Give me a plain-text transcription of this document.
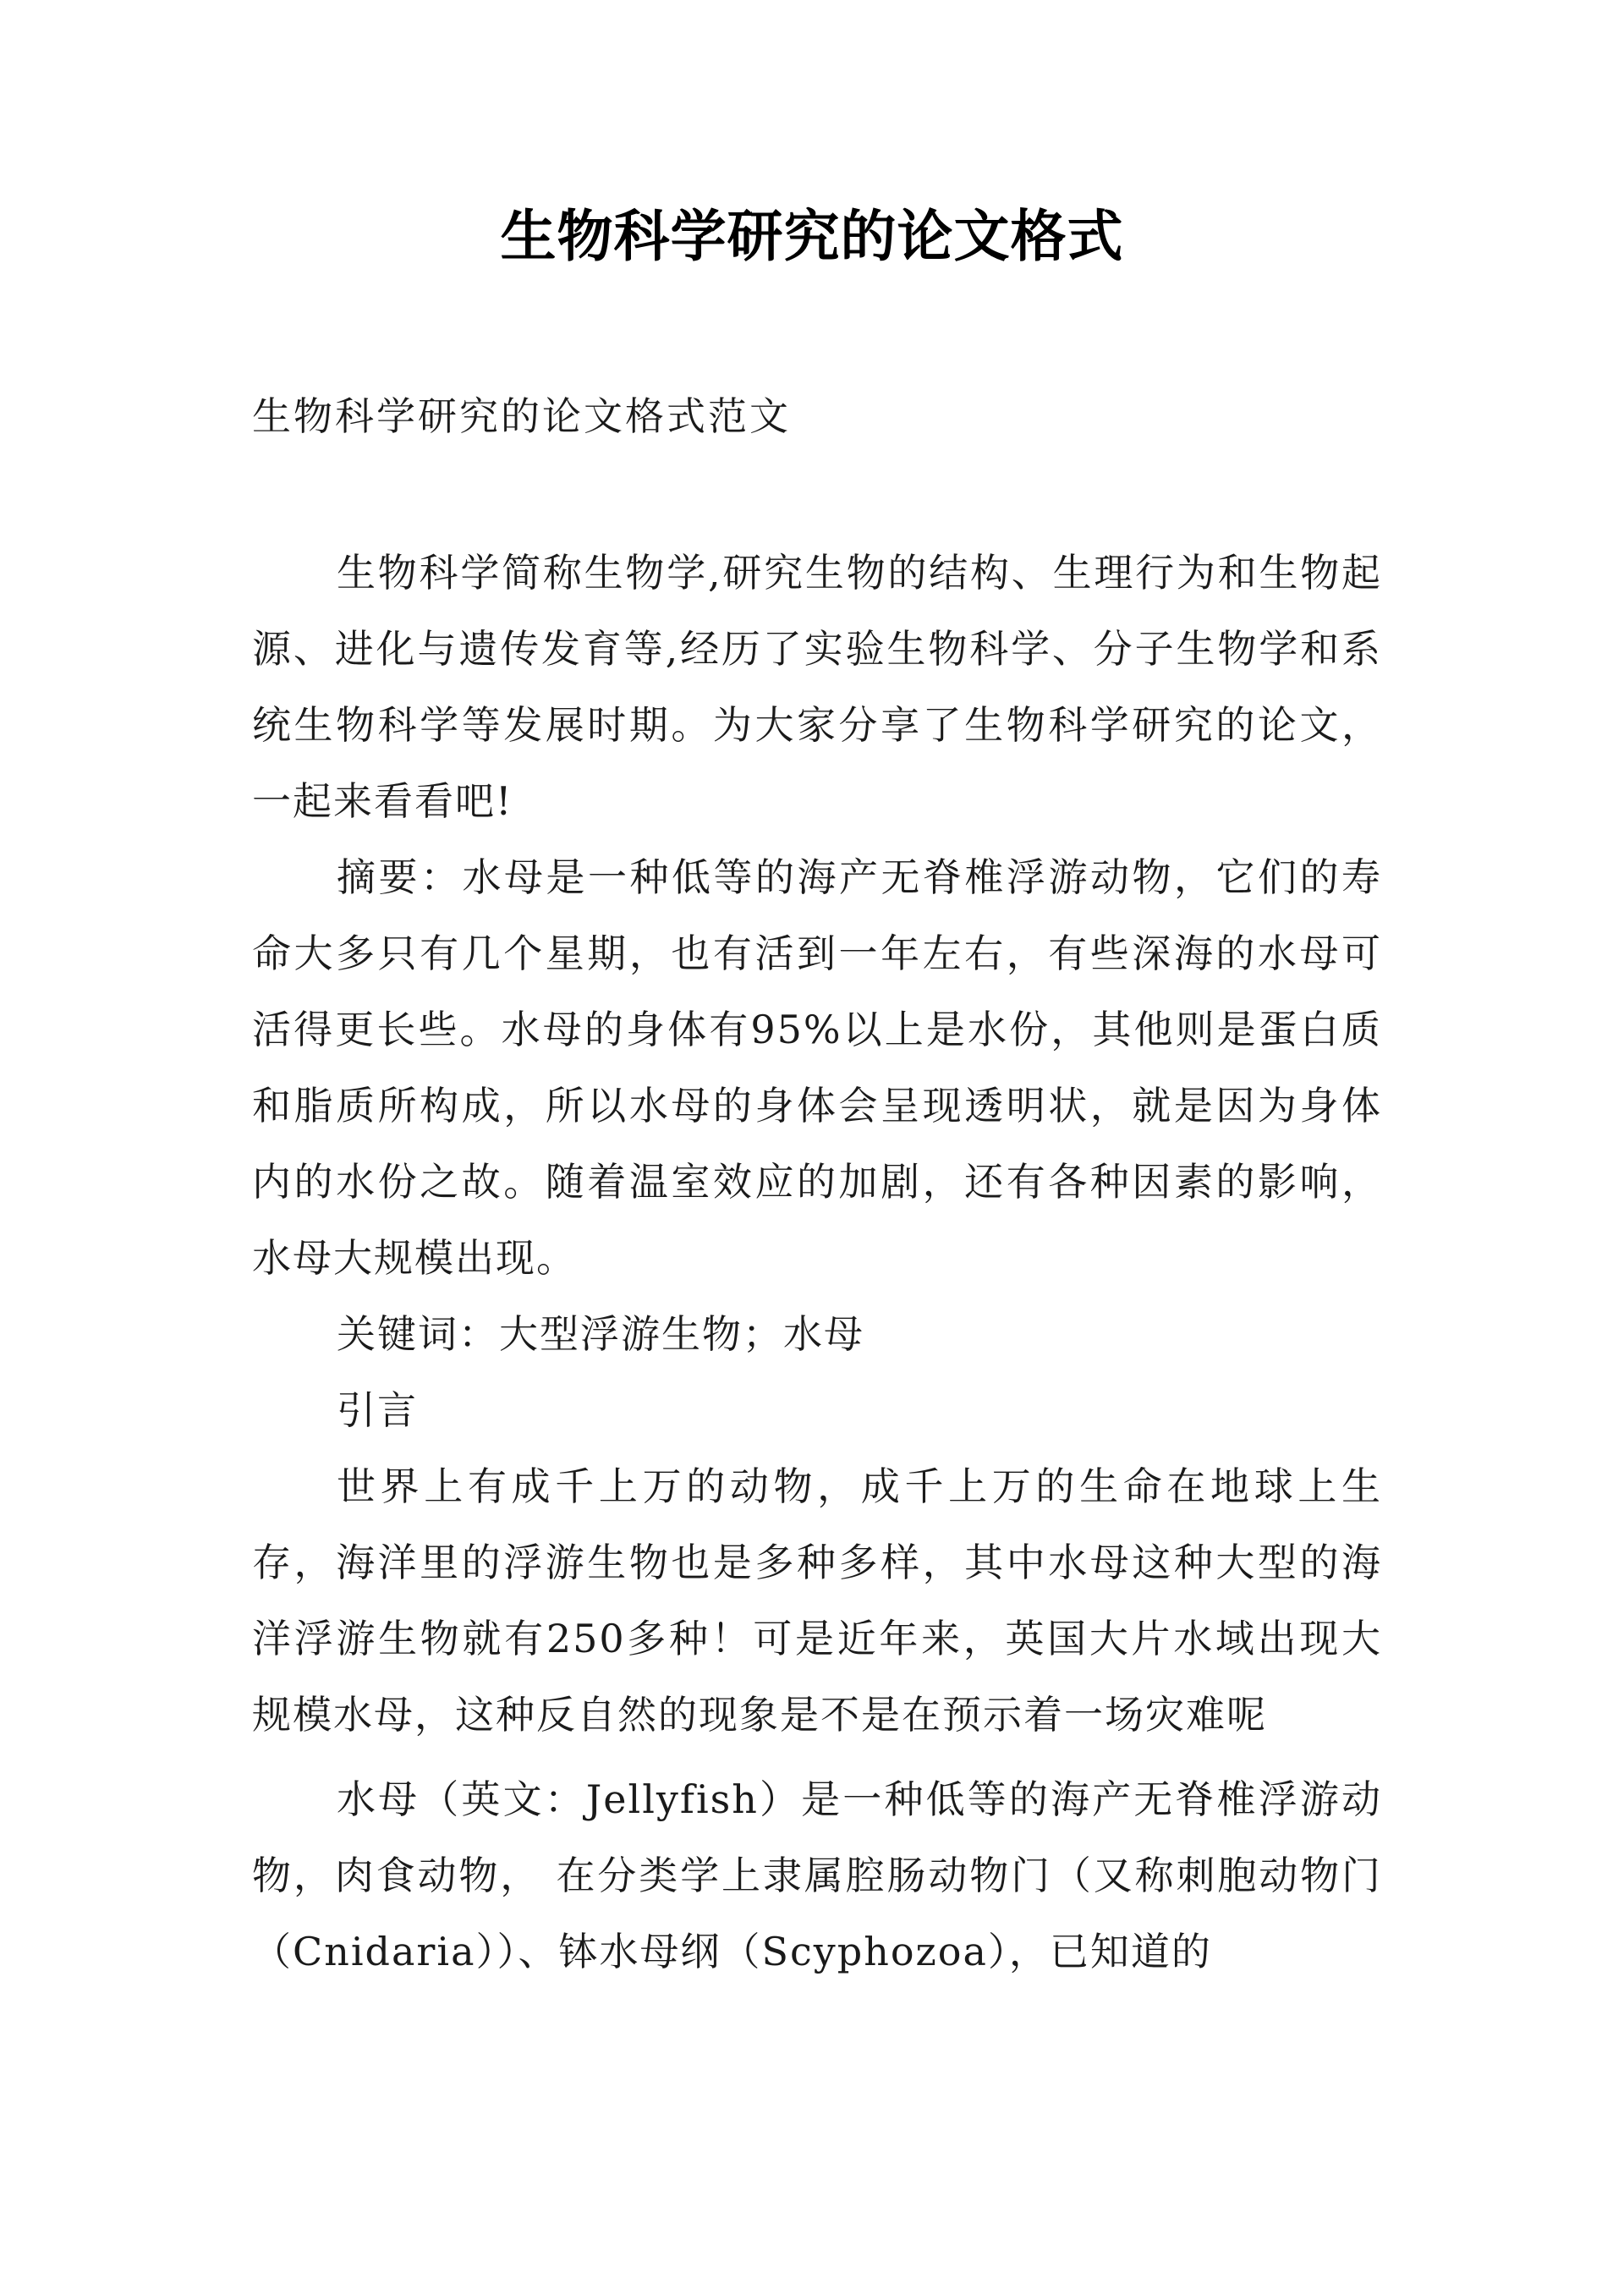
生物科学研究的论文格式
生物科学研究的论文格式范文

生物科学简称生物学,研究生物的结构、生理行为和生物起源、进化与遗传发育等,经历了实验生物科学、分子生物学和系统生物科学等发展时期。为大家分享了生物科学研究的论文，一起来看看吧!

摘要：水母是一种低等的海产无脊椎浮游动物，它们的寿命大多只有几个星期，也有活到一年左右，有些深海的水母可活得更长些。水母的身体有95%以上是水份，其他则是蛋白质和脂质所构成，所以水母的身体会呈现透明状，就是因为身体内的水份之故。随着温室效应的加剧，还有各种因素的影响，水母大规模出现。

关键词：大型浮游生物；水母

引言

世界上有成千上万的动物，成千上万的生命在地球上生存，海洋里的浮游生物也是多种多样，其中水母这种大型的海洋浮游生物就有250多种！可是近年来，英国大片水域出现大规模水母，这种反自然的现象是不是在预示着一场灾难呢

水母（英文：Jellyfish）是一种低等的海产无脊椎浮游动物，肉食动物， 在分类学上隶属腔肠动物门（又称刺胞动物门（Cnidaria））、钵水母纲（Scyphozoa），已知道的
